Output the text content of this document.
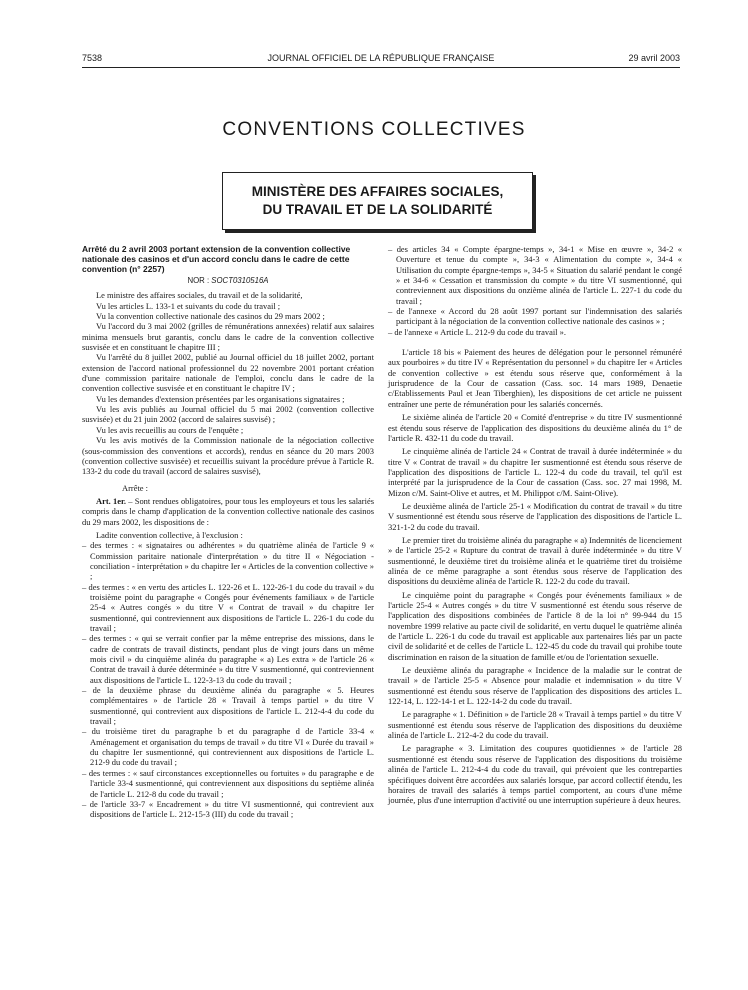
7538	JOURNAL OFFICIEL DE LA RÉPUBLIQUE FRANÇAISE	29 avril 2003
CONVENTIONS COLLECTIVES
MINISTÈRE DES AFFAIRES SOCIALES,
DU TRAVAIL ET DE LA SOLIDARITÉ

Arrêté du 2 avril 2003 portant extension de la convention collective nationale des casinos et d'un accord conclu dans le cadre de cette convention (n° 2257)

NOR : SOCT0310516A

Le ministre des affaires sociales, du travail et de la solidarité,

Vu les articles L. 133-1 et suivants du code du travail ;

Vu la convention collective nationale des casinos du 29 mars 2002 ;

Vu l'accord du 3 mai 2002 (grilles de rémunérations annexées) relatif aux salaires minima mensuels brut garantis, conclu dans le cadre de la convention collective susvisée et en constituant le chapitre III ;

Vu l'arrêté du 8 juillet 2002, publié au Journal officiel du 18 juillet 2002, portant extension de l'accord national professionnel du 22 novembre 2001 portant création d'une commission paritaire nationale de l'emploi, conclu dans le cadre de la convention collective susvisée et en constituant le chapitre IV ;

Vu les demandes d'extension présentées par les organisations signataires ;

Vu les avis publiés au Journal officiel du 5 mai 2002 (convention collective susvisée) et du 21 juin 2002 (accord de salaires susvisé) ;

Vu les avis recueillis au cours de l'enquête ;

Vu les avis motivés de la Commission nationale de la négociation collective (sous-commission des conventions et accords), rendus en séance du 20 mars 2003 (convention collective susvisée) et recueillis suivant la procédure prévue à l'article R. 133-2 du code du travail (accord de salaires susvisé),

Arrête :

Art. 1er. – Sont rendues obligatoires, pour tous les employeurs et tous les salariés compris dans le champ d'application de la convention collective nationale des casinos du 29 mars 2002, les dispositions de :

Ladite convention collective, à l'exclusion :

– des termes : « signataires ou adhérentes » du quatrième alinéa de l'article 9 « Commission paritaire nationale d'interprétation » du titre II « Négociation - conciliation - interprétation » du chapitre Ier « Articles de la convention collective » ;

– des termes : « en vertu des articles L. 122-26 et L. 122-26-1 du code du travail » du troisième point du paragraphe « Congés pour événements familiaux » de l'article 25-4 « Autres congés » du titre V « Contrat de travail » du chapitre Ier susmentionné, qui contreviennent aux dispositions de l'article L. 226-1 du code du travail ;

– des termes : « qui se verrait confier par la même entreprise des missions, dans le cadre de contrats de travail distincts, pendant plus de vingt jours dans un même mois civil » du cinquième alinéa du paragraphe « a) Les extra » de l'article 26 « Contrat de travail à durée déterminée » du titre V susmentionné, qui contreviennent aux dispositions de l'article L. 122-3-13 du code du travail ;

– de la deuxième phrase du deuxième alinéa du paragraphe « 5. Heures complémentaires » de l'article 28 « Travail à temps partiel » du titre V susmentionné, qui contrevient aux dispositions de l'article L. 212-4-4 du code du travail ;

– du troisième tiret du paragraphe b et du paragraphe d de l'article 33-4 « Aménagement et organisation du temps de travail » du titre VI « Durée du travail » du chapitre Ier susmentionné, qui contreviennent aux dispositions de l'article L. 212-9 du code du travail ;

– des termes : « sauf circonstances exceptionnelles ou fortuites » du paragraphe e de l'article 33-4 susmentionné, qui contreviennent aux dispositions du septième alinéa de l'article L. 212-8 du code du travail ;

– de l'article 33-7 « Encadrement » du titre VI susmentionné, qui contrevient aux dispositions de l'article L. 212-15-3 (III) du code du travail ;

– des articles 34 « Compte épargne-temps », 34-1 « Mise en œuvre », 34-2 « Ouverture et tenue du compte », 34-3 « Alimentation du compte », 34-4 « Utilisation du compte épargne-temps », 34-5 « Situation du salarié pendant le congé » et 34-6 « Cessation et transmission du compte » du titre VI susmentionné, qui contreviennent aux dispositions du onzième alinéa de l'article L. 227-1 du code du travail ;

– de l'annexe « Accord du 28 août 1997 portant sur l'indemnisation des salariés participant à la négociation de la convention collective nationale des casinos » ;

– de l'annexe « Article L. 212-9 du code du travail ».

L'article 18 bis « Paiement des heures de délégation pour le personnel rémunéré aux pourboires » du titre IV « Représentation du personnel » du chapitre Ier « Articles de convention collective » est étendu sous réserve que, conformément à la jurisprudence de la Cour de cassation (Cass. soc. 14 mars 1989, Denaetie c/Etablissements Paul et Jean Tiberghien), les dispositions de cet article ne puissent entraîner une perte de rémunération pour les salariés concernés.

Le sixième alinéa de l'article 20 « Comité d'entreprise » du titre IV susmentionné est étendu sous réserve de l'application des dispositions du deuxième alinéa du 1° de l'article R. 432-11 du code du travail.

Le cinquième alinéa de l'article 24 « Contrat de travail à durée indéterminée » du titre V « Contrat de travail » du chapitre Ier susmentionné est étendu sous réserve de l'application des dispositions de l'article L. 122-4 du code du travail, tel qu'il est interprété par la jurisprudence de la Cour de cassation (Cass. soc. 27 mai 1998, M. Mizon c/M. Saint-Olive et autres, et M. Philippot c/M. Saint-Olive).

Le deuxième alinéa de l'article 25-1 « Modification du contrat de travail » du titre V susmentionné est étendu sous réserve de l'application des dispositions de l'article L. 321-1-2 du code du travail.

Le premier tiret du troisième alinéa du paragraphe « a) Indemnités de licenciement » de l'article 25-2 « Rupture du contrat de travail à durée indéterminée » du titre V susmentionné, le deuxième tiret du troisième alinéa et le quatrième tiret du troisième alinéa de ce même paragraphe a sont étendus sous réserve de l'application des dispositions du deuxième alinéa de l'article R. 122-2 du code du travail.

Le cinquième point du paragraphe « Congés pour événements familiaux » de l'article 25-4 « Autres congés » du titre V susmentionné est étendu sous réserve de l'application des dispositions combinées de l'article 8 de la loi n° 99-944 du 15 novembre 1999 relative au pacte civil de solidarité, en vertu duquel le quatrième alinéa de l'article L. 226-1 du code du travail est applicable aux partenaires liés par un pacte civil de solidarité et de celles de l'article L. 122-45 du code du travail qui prohibe toute discrimination en raison de la situation de famille et/ou de l'orientation sexuelle.

Le deuxième alinéa du paragraphe « Incidence de la maladie sur le contrat de travail » de l'article 25-5 « Absence pour maladie et indemnisation » du titre V susmentionné est étendu sous réserve de l'application des dispositions des articles L. 122-14, L. 122-14-1 et L. 122-14-2 du code du travail.

Le paragraphe « 1. Définition » de l'article 28 « Travail à temps partiel » du titre V susmentionné est étendu sous réserve de l'application des dispositions du deuxième alinéa de l'article L. 212-4-2 du code du travail.

Le paragraphe « 3. Limitation des coupures quotidiennes » de l'article 28 susmentionné est étendu sous réserve de l'application des dispositions du troisième alinéa de l'article L. 212-4-4 du code du travail, qui prévoient que les contreparties spécifiques doivent être accordées aux salariés lorsque, par accord collectif étendu, les horaires de travail des salariés à temps partiel comportent, au cours d'une même journée, plus d'une interruption d'activité ou une interruption supérieure à deux heures.
